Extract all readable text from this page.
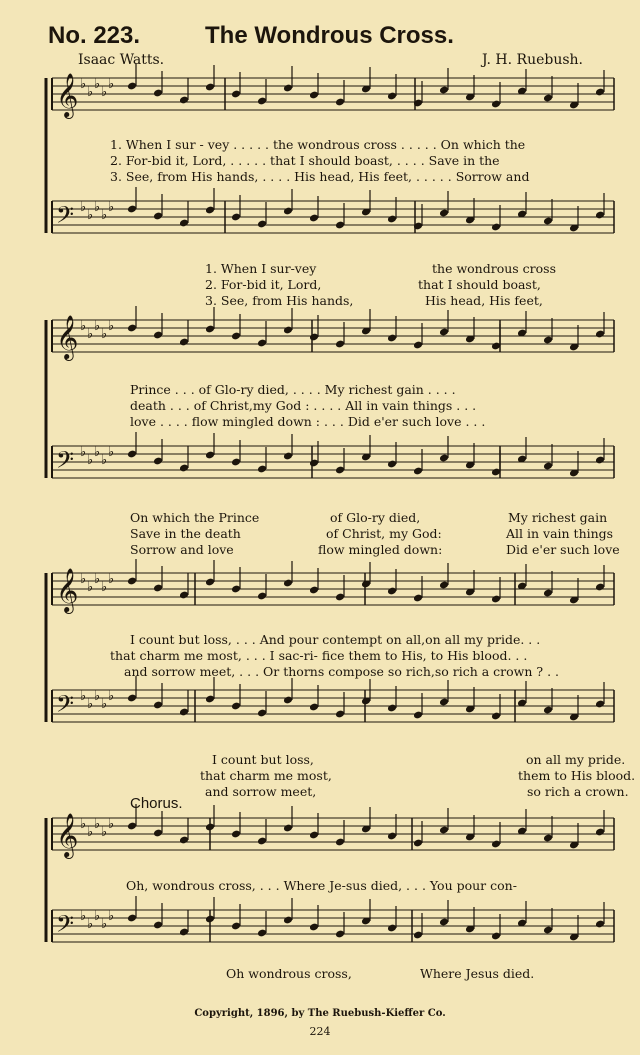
𝄞 ♭
♭
♭
♭
♭
𝄢 ♭
♭
♭
♭
♭
𝄞 ♭
♭
♭
♭
♭
𝄢 ♭
♭
♭
♭
♭
𝄞 ♭
♭
♭
♭
♭
𝄢 ♭
♭
♭
♭
♭
𝄞 ♭
♭
♭
♭
♭
𝄢 ♭
♭
♭
♭
♭
No. 223.	The Wondrous Cross.
Isaac Watts.	J. H. Ruebush.
1. When I sur - vey . . . . . the wondrous cross . . . . . On which the
2. For-bid it, Lord, . . . . . that I should boast, . . . . Save in the
3. See, from His hands, . . . . His head, His feet, . . . . . Sorrow and
1. When I sur-vey
2. For-bid it, Lord,
3. See, from His hands,
the wondrous cross
that I should boast,
His head, His feet,
Prince . . . of Glo-ry died, . . . . My richest gain . . . .
death . . . of Christ,my God : . . . . All in vain things . . .
love . . . . flow mingled down : . . . Did e'er such love . . .
On which the Prince
Save in the death
Sorrow and love
of Glo-ry died,
of Christ, my God:
flow mingled down:
My richest gain
All in vain things
Did e'er such love
I count but loss, . . . And pour contempt on all,on all my pride. . .
that charm me most, . . . I sac-ri- fice them to His, to His blood. . .
and sorrow meet, . . . Or thorns compose so rich,so rich a crown ? . .
I count but loss,
that charm me most,
and sorrow meet,
on all my pride.
them to His blood.
so rich a crown.
Chorus.
Oh, wondrous cross, . . . Where Je-sus died, . . . You pour con-
Oh wondrous cross,	Where Jesus died.
Copyright, 1896, by The Ruebush-Kieffer Co.
224
